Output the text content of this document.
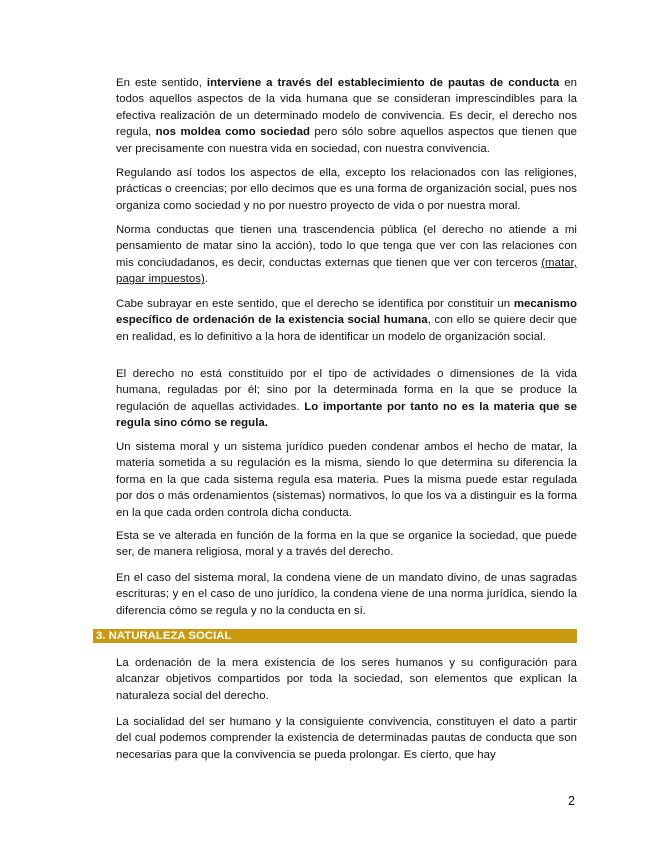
En este sentido, interviene a través del establecimiento de pautas de conducta en todos aquellos aspectos de la vida humana que se consideran imprescindibles para la efectiva realización de un determinado modelo de convivencia. Es decir, el derecho nos regula, nos moldea como sociedad pero sólo sobre aquellos aspectos que tienen que ver precisamente con nuestra vida en sociedad, con nuestra convivencia.

Regulando así todos los aspectos de ella, excepto los relacionados con las religiones, prácticas o creencias; por ello decimos que es una forma de organización social, pues nos organiza como sociedad y no por nuestro proyecto de vida o por nuestra moral.

Norma conductas que tienen una trascendencia pública (el derecho no atiende a mi pensamiento de matar sino la acción), todo lo que tenga que ver con las relaciones con mis conciudadanos, es decir, conductas externas que tienen que ver con terceros (matar, pagar impuestos).

Cabe subrayar en este sentido, que el derecho se identifica por constituir un mecanismo específico de ordenación de la existencia social humana, con ello se quiere decir que en realidad, es lo definitivo a la hora de identificar un modelo de organización social.

El derecho no está constituido por el tipo de actividades o dimensiones de la vida humana, reguladas por él; sino por la determinada forma en la que se produce la regulación de aquellas actividades. Lo importante por tanto no es la materia que se regula sino cómo se regula.

Un sistema moral y un sistema jurídico pueden condenar ambos el hecho de matar, la materia sometida a su regulación es la misma, siendo lo que determina su diferencia la forma en la que cada sistema regula esa materia. Pues la misma puede estar regulada por dos o más ordenamientos (sistemas) normativos, lo que los va a distinguir es la forma en la que cada orden controla dicha conducta.

Esta se ve alterada en función de la forma en la que se organice la sociedad, que puede ser, de manera religiosa, moral y a través del derecho.

En el caso del sistema moral, la condena viene de un mandato divino, de unas sagradas escrituras; y en el caso de uno jurídico, la condena viene de una norma jurídica, siendo la diferencia cómo se regula y no la conducta en sí.

3. NATURALEZA SOCIAL

La ordenación de la mera existencia de los seres humanos y su configuración para alcanzar objetivos compartidos por toda la sociedad, son elementos que explican la naturaleza social del derecho.

La socialidad del ser humano y la consiguiente convivencia, constituyen el dato a partir del cual podemos comprender la existencia de determinadas pautas de conducta que son necesarias para que la convivencia se pueda prolongar. Es cierto, que hay

2
